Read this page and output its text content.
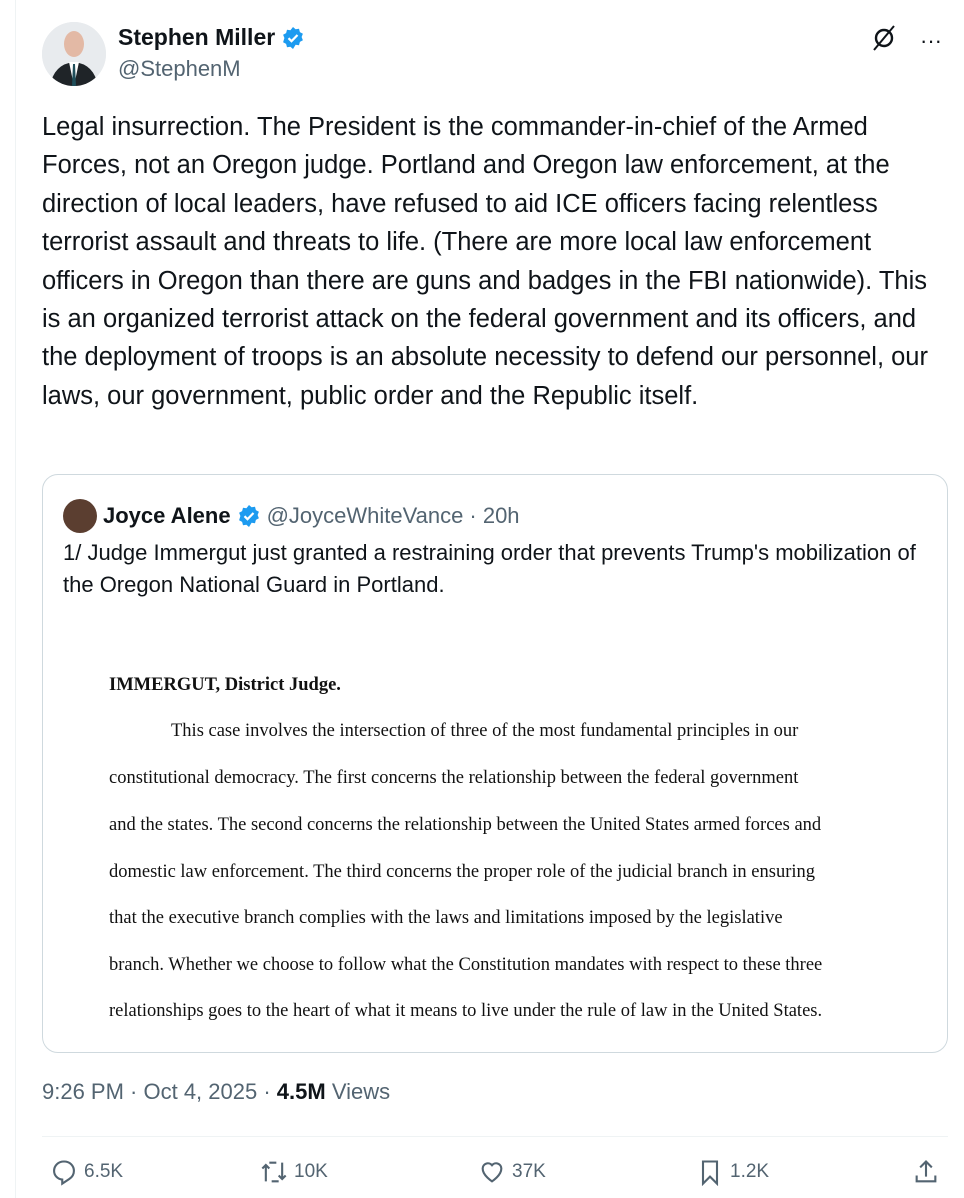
Stephen Miller
@StephenM
···
Legal insurrection. The President is the commander-in-chief of the Armed Forces, not an Oregon judge. Portland and Oregon law enforcement, at the direction of local leaders, have refused to aid ICE officers facing relentless terrorist assault and threats to life. (There are more local law enforcement officers in Oregon than there are guns and badges in the FBI nationwide). This is an organized terrorist attack on the federal government and its officers, and the deployment of troops is an absolute necessity to defend our personnel, our laws, our government, public order and the Republic itself.
Joyce Alene @JoyceWhiteVance · 20h
1/ Judge Immergut just granted a restraining order that prevents Trump's mobilization of the Oregon National Guard in Portland.
IMMERGUT, District Judge.
This case involves the intersection of three of the most fundamental principles in our
constitutional democracy. The first concerns the relationship between the federal government
and the states. The second concerns the relationship between the United States armed forces and
domestic law enforcement. The third concerns the proper role of the judicial branch in ensuring
that the executive branch complies with the laws and limitations imposed by the legislative
branch. Whether we choose to follow what the Constitution mandates with respect to these three
relationships goes to the heart of what it means to live under the rule of law in the United States.
9:26 PM · Oct 4, 2025 · 4.5M Views
6.5K	10K	37K	1.2K
